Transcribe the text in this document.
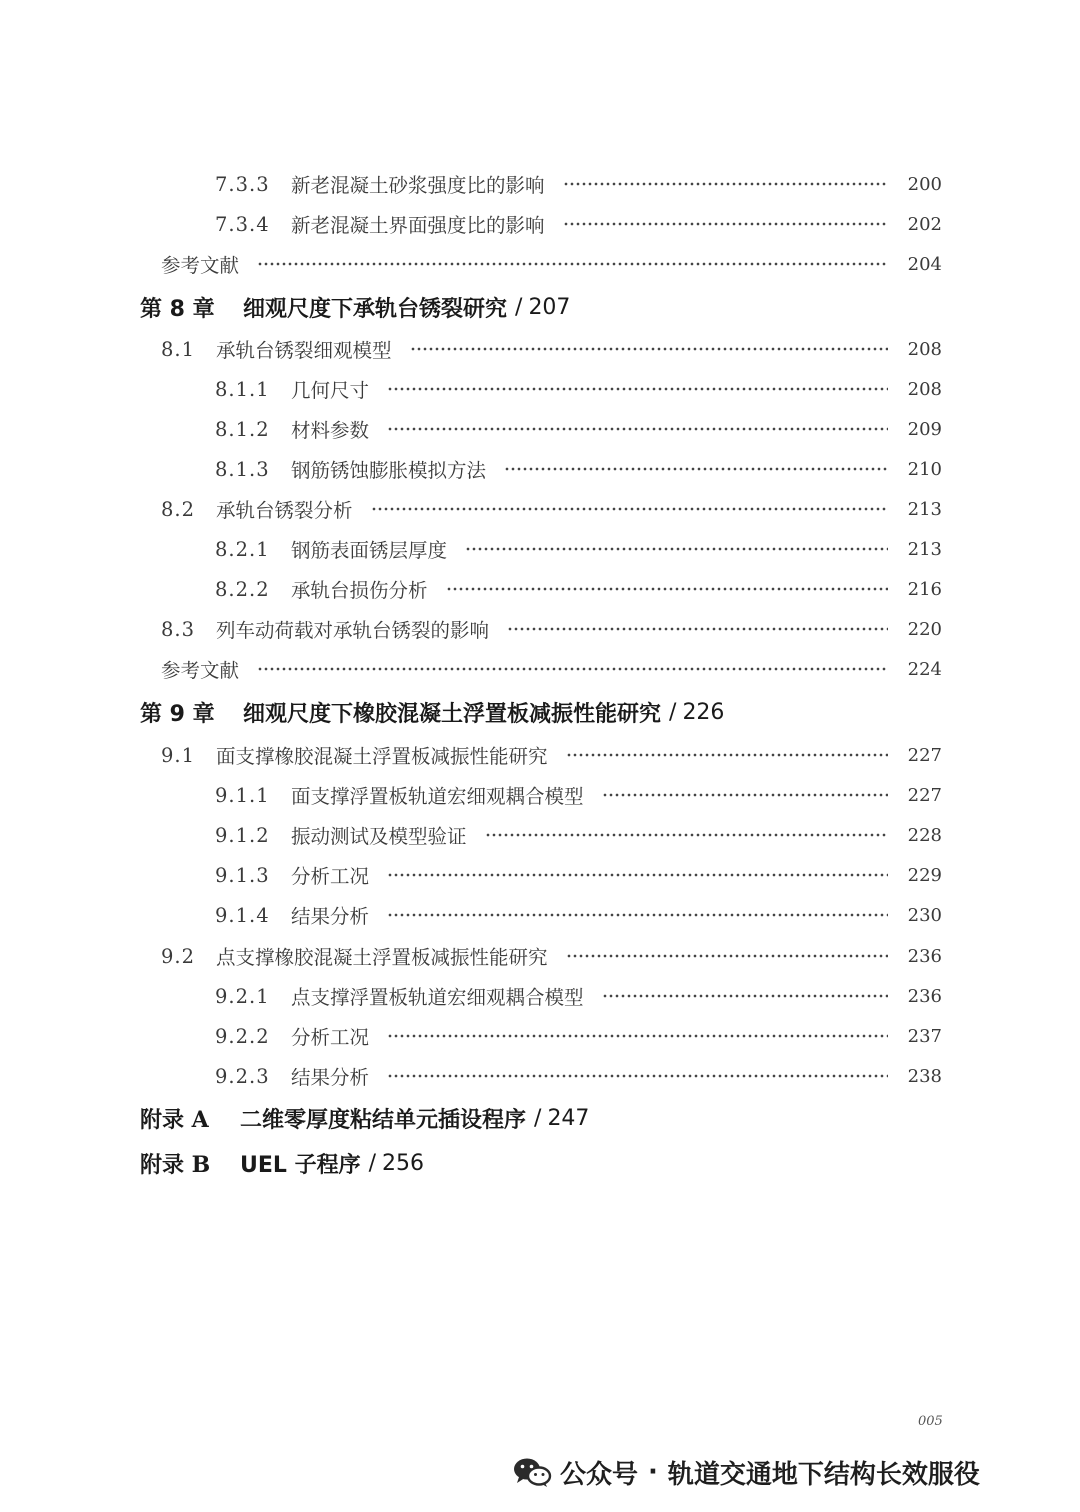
7.3.3	新老混凝土砂浆强度比的影响	200
7.3.4	新老混凝土界面强度比的影响	202
参考文献	204
第 8 章	细观尺度下承轨台锈裂研究 / 207
8.1	承轨台锈裂细观模型	208
8.1.1	几何尺寸	208
8.1.2	材料参数	209
8.1.3	钢筋锈蚀膨胀模拟方法	210
8.2	承轨台锈裂分析	213
8.2.1	钢筋表面锈层厚度	213
8.2.2	承轨台损伤分析	216
8.3	列车动荷载对承轨台锈裂的影响	220
参考文献	224
第 9 章	细观尺度下橡胶混凝土浮置板减振性能研究 / 226
9.1	面支撑橡胶混凝土浮置板减振性能研究	227
9.1.1	面支撑浮置板轨道宏细观耦合模型	227
9.1.2	振动测试及模型验证	228
9.1.3	分析工况	229
9.1.4	结果分析	230
9.2	点支撑橡胶混凝土浮置板减振性能研究	236
9.2.1	点支撑浮置板轨道宏细观耦合模型	236
9.2.2	分析工况	237
9.2.3	结果分析	238
附录 A	二维零厚度粘结单元插设程序 / 247
附录 B	UEL 子程序 / 256
005
公众号 · 轨道交通地下结构长效服役
